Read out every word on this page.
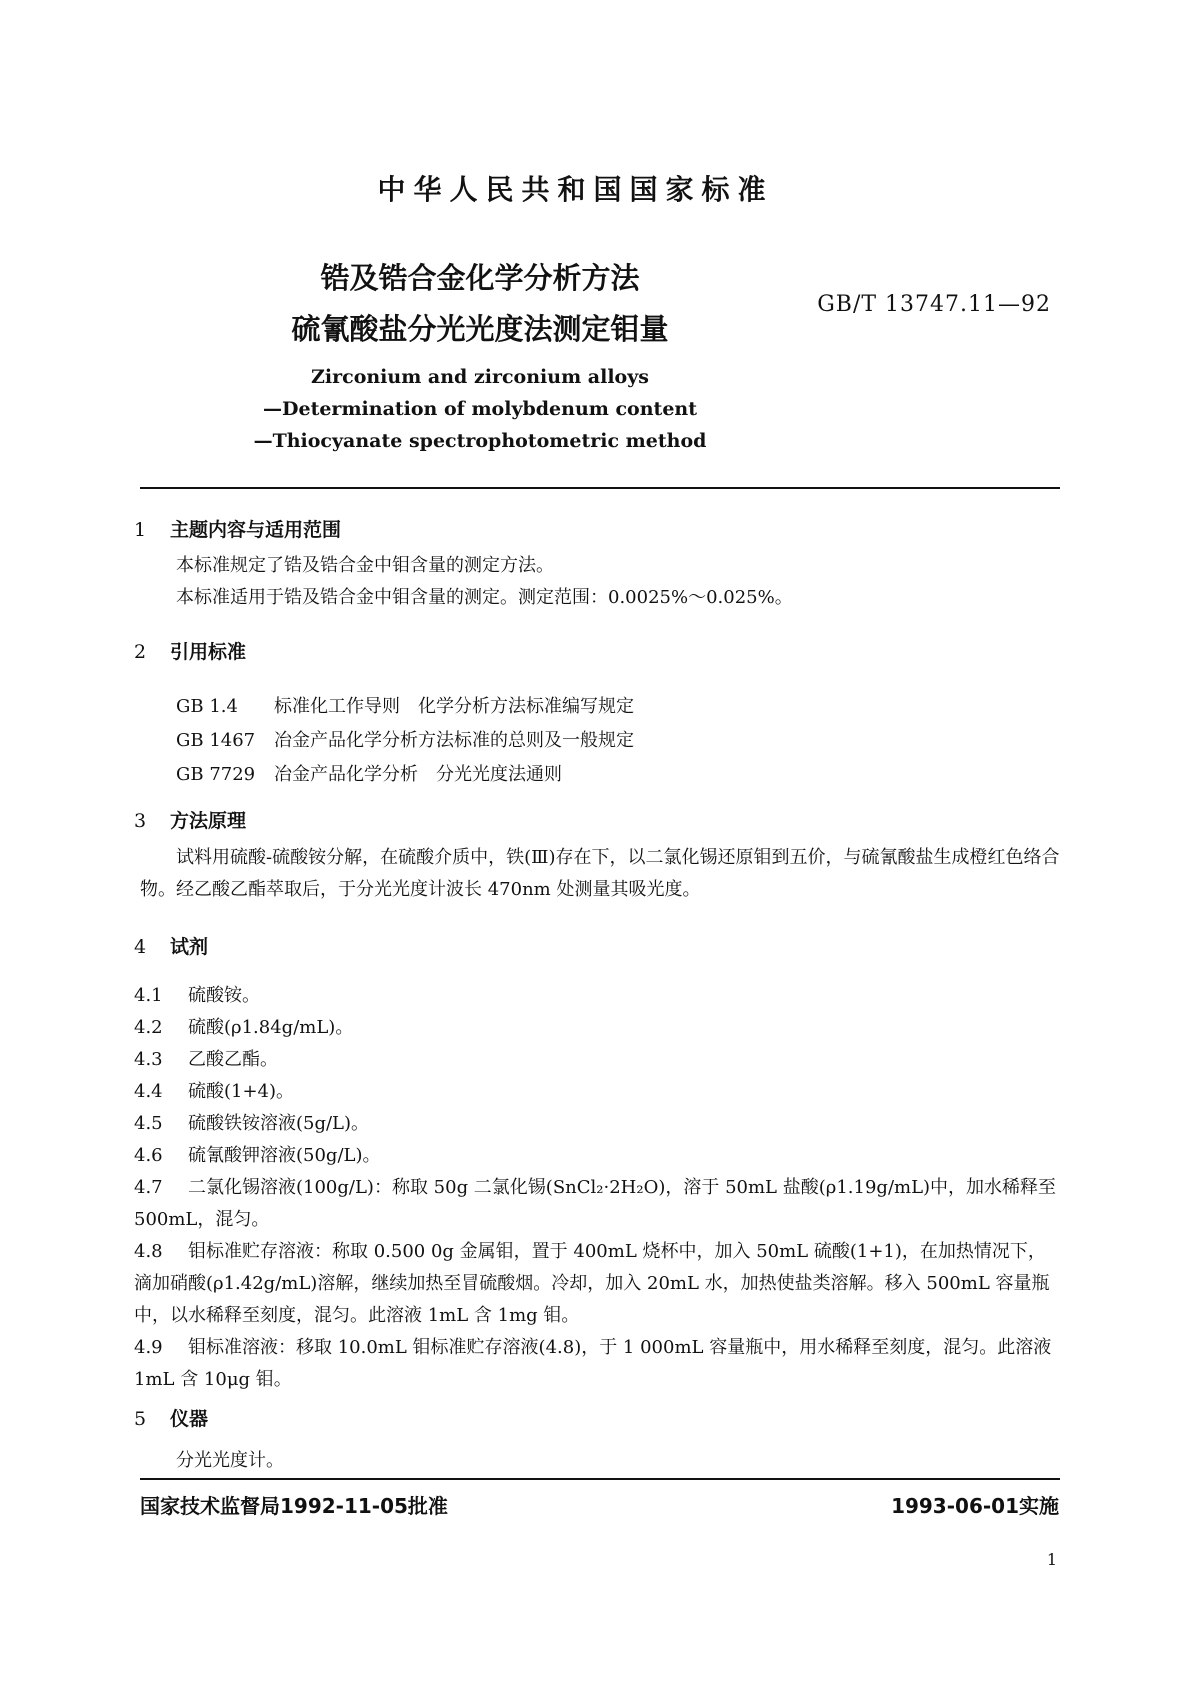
中华人民共和国国家标准
锆及锆合金化学分析方法
硫氰酸盐分光光度法测定钼量
GB/T 13747.11—92
Zirconium and zirconium alloys
—Determination of molybdenum content
—Thiocyanate spectrophotometric method
1 主题内容与适用范围
本标准规定了锆及锆合金中钼含量的测定方法。
本标准适用于锆及锆合金中钼含量的测定。测定范围：0.0025%～0.025%。
2 引用标准
GB 1.4 标准化工作导则　化学分析方法标准编写规定
GB 1467 冶金产品化学分析方法标准的总则及一般规定
GB 7729 冶金产品化学分析　分光光度法通则
3 方法原理
试料用硫酸-硫酸铵分解，在硫酸介质中，铁(Ⅲ)存在下，以二氯化锡还原钼到五价，与硫氰酸盐生成橙红色络合物。经乙酸乙酯萃取后，于分光光度计波长 470nm 处测量其吸光度。
4 试剂
4.1 硫酸铵。
4.2 硫酸(ρ1.84g/mL)。
4.3 乙酸乙酯。
4.4 硫酸(1+4)。
4.5 硫酸铁铵溶液(5g/L)。
4.6 硫氰酸钾溶液(50g/L)。
4.7 二氯化锡溶液(100g/L)：称取 50g 二氯化锡(SnCl₂·2H₂O)，溶于 50mL 盐酸(ρ1.19g/mL)中，加水稀释至 500mL，混匀。
4.8 钼标准贮存溶液：称取 0.500 0g 金属钼，置于 400mL 烧杯中，加入 50mL 硫酸(1+1)，在加热情况下，滴加硝酸(ρ1.42g/mL)溶解，继续加热至冒硫酸烟。冷却，加入 20mL 水，加热使盐类溶解。移入 500mL 容量瓶中，以水稀释至刻度，混匀。此溶液 1mL 含 1mg 钼。
4.9 钼标准溶液：移取 10.0mL 钼标准贮存溶液(4.8)，于 1 000mL 容量瓶中，用水稀释至刻度，混匀。此溶液 1mL 含 10μg 钼。
5 仪器
分光光度计。
国家技术监督局1992-11-05批准	1993-06-01实施
1
